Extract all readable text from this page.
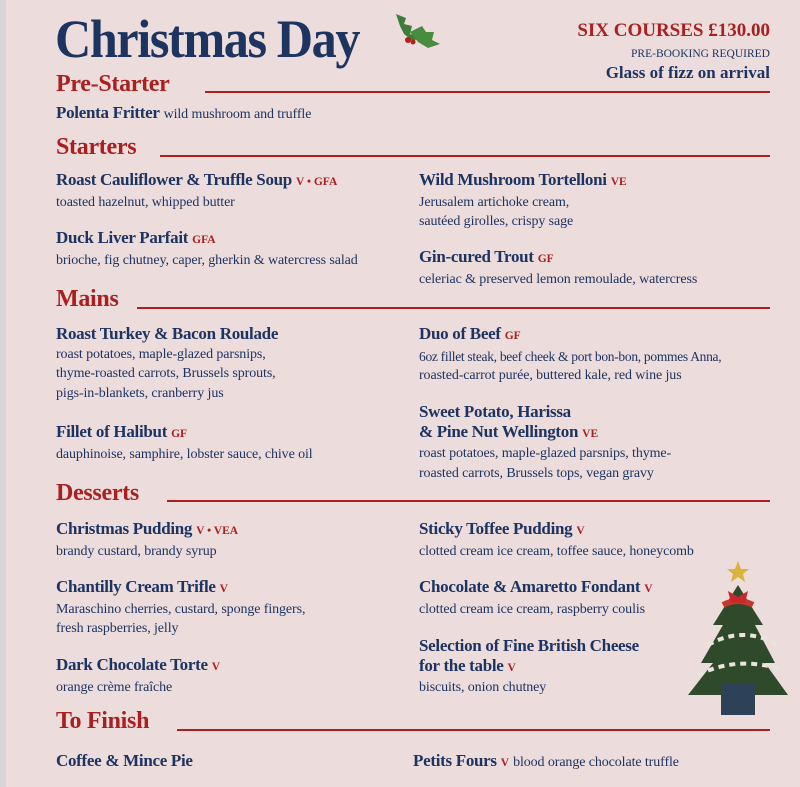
Christmas Day	SIX COURSES £130.00
PRE-BOOKING REQUIRED
Glass of fizz on arrival
Pre-Starter
Polenta Fritter wild mushroom and truffle
Starters
Roast Cauliflower & Truffle Soup V • GFA
toasted hazelnut, whipped butter
Duck Liver Parfait GFA
brioche, fig chutney, caper, gherkin & watercress salad
Wild Mushroom Tortelloni VE
Jerusalem artichoke cream,
sautéed girolles, crispy sage
Gin-cured Trout GF
celeriac & preserved lemon remoulade, watercress
Mains
Roast Turkey & Bacon Roulade
roast potatoes, maple-glazed parsnips,
thyme-roasted carrots, Brussels sprouts,
pigs-in-blankets, cranberry jus
Fillet of Halibut GF
dauphinoise, samphire, lobster sauce, chive oil
Duo of Beef GF
6oz fillet steak, beef cheek & port bon-bon, pommes Anna,
roasted-carrot purée, buttered kale, red wine jus
Sweet Potato, Harissa
& Pine Nut Wellington VE
roast potatoes, maple-glazed parsnips, thyme-
roasted carrots, Brussels tops, vegan gravy
Desserts
Christmas Pudding V • VEA
brandy custard, brandy syrup
Chantilly Cream Trifle V
Maraschino cherries, custard, sponge fingers,
fresh raspberries, jelly
Dark Chocolate Torte V
orange crème fraîche
Sticky Toffee Pudding V
clotted cream ice cream, toffee sauce, honeycomb
Chocolate & Amaretto Fondant V
clotted cream ice cream, raspberry coulis
Selection of Fine British Cheese
for the table V
biscuits, onion chutney
To Finish
Coffee & Mince Pie	Petits Fours V blood orange chocolate truffle
